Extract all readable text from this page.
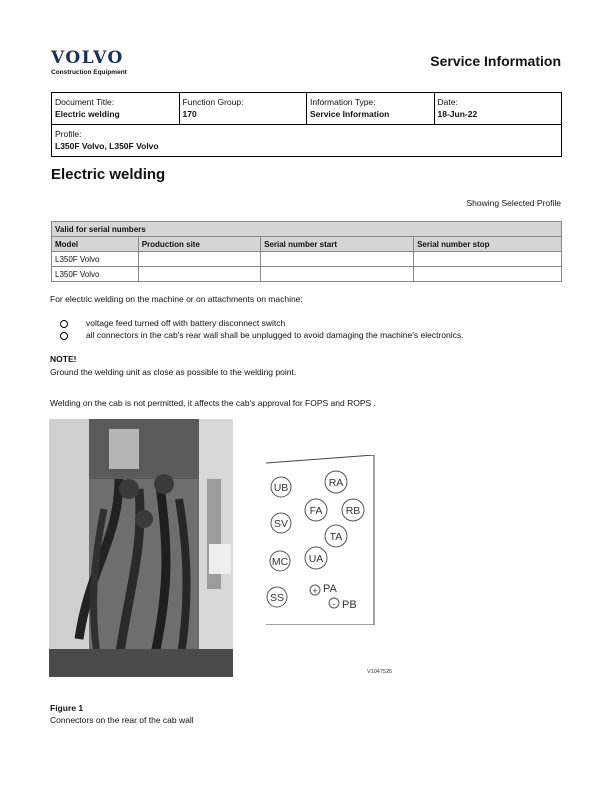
VOLVO
Construction Equipment
Service Information
Document Title:
Electric welding	
Function Group:
170	
Information Type:
Service Information	
Date:
18-Jun-22

Profile:
L350F Volvo, L350F Volvo
Electric welding
Showing Selected Profile
Valid for serial numbers			
Model	Production site	Serial number start	Serial number stop
L350F Volvo			
L350F Volvo			
For electric welding on the machine or on attachments on machine:
voltage feed turned off with battery disconnect switch
all connectors in the cab's rear wall shall be unplugged to avoid damaging the machine's electronics.
NOTE!
Ground the welding unit as close as possible to the welding point.
Welding on the cab is not permitted, it affects the cab's approval for FOPS and ROPS .
UB
SV
MC
SS
RA
FA RB
TA
UA
+
-
PA
PB
V1047525
Figure 1
Connectors on the rear of the cab wall
